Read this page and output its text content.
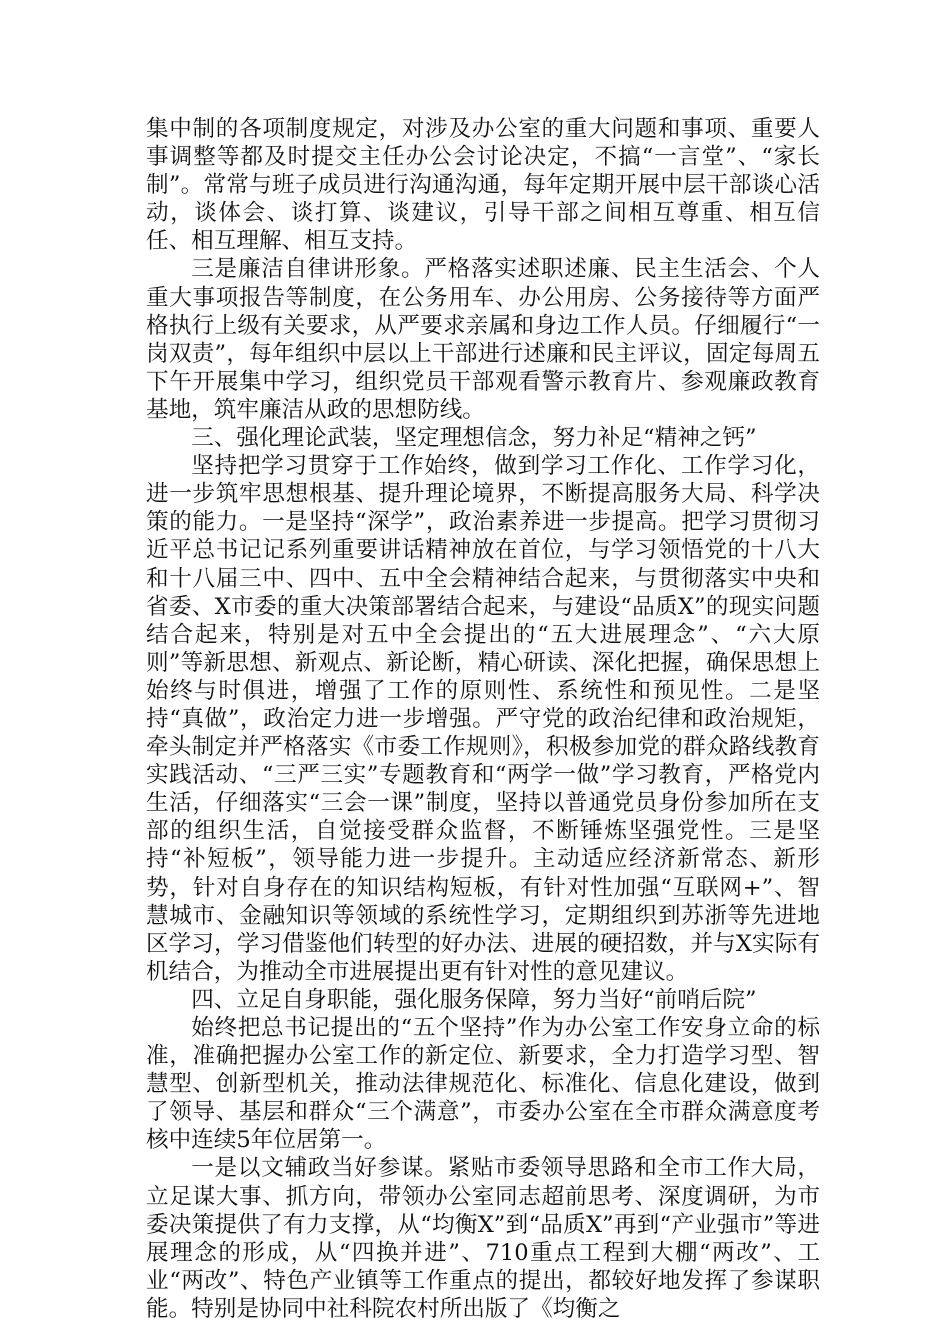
集中制的各项制度规定，对涉及办公室的重大问题和事项、重要人事调整等都及时提交主任办公会讨论决定，不搞“一言堂”、“家长制”。常常与班子成员进行沟通沟通，每年定期开展中层干部谈心活动，谈体会、谈打算、谈建议，引导干部之间相互尊重、相互信任、相互理解、相互支持。

三是廉洁自律讲形象。严格落实述职述廉、民主生活会、个人重大事项报告等制度，在公务用车、办公用房、公务接待等方面严格执行上级有关要求，从严要求亲属和身边工作人员。仔细履行“一岗双责”，每年组织中层以上干部进行述廉和民主评议，固定每周五下午开展集中学习，组织党员干部观看警示教育片、参观廉政教育基地，筑牢廉洁从政的思想防线。

三、强化理论武装，坚定理想信念，努力补足“精神之钙”

坚持把学习贯穿于工作始终，做到学习工作化、工作学习化，进一步筑牢思想根基、提升理论境界，不断提高服务大局、科学决策的能力。一是坚持“深学”，政治素养进一步提高。把学习贯彻习近平总书记记系列重要讲话精神放在首位，与学习领悟党的十八大和十八届三中、四中、五中全会精神结合起来，与贯彻落实中央和省委、X市委的重大决策部署结合起来，与建设“品质X”的现实问题结合起来，特别是对五中全会提出的“五大进展理念”、“六大原则”等新思想、新观点、新论断，精心研读、深化把握，确保思想上始终与时俱进，增强了工作的原则性、系统性和预见性。二是坚持“真做”，政治定力进一步增强。严守党的政治纪律和政治规矩，牵头制定并严格落实《市委工作规则》，积极参加党的群众路线教育实践活动、“三严三实”专题教育和“两学一做”学习教育，严格党内生活，仔细落实“三会一课”制度，坚持以普通党员身份参加所在支部的组织生活，自觉接受群众监督，不断锤炼坚强党性。三是坚持“补短板”，领导能力进一步提升。主动适应经济新常态、新形势，针对自身存在的知识结构短板，有针对性加强“互联网+”、智慧城市、金融知识等领域的系统性学习，定期组织到苏浙等先进地区学习，学习借鉴他们转型的好办法、进展的硬招数，并与X实际有机结合，为推动全市进展提出更有针对性的意见建议。

四、立足自身职能，强化服务保障，努力当好“前哨后院”

始终把总书记提出的“五个坚持”作为办公室工作安身立命的标准，准确把握办公室工作的新定位、新要求，全力打造学习型、智慧型、创新型机关，推动法律规范化、标准化、信息化建设，做到了领导、基层和群众“三个满意”，市委办公室在全市群众满意度考核中连续5年位居第一。

一是以文辅政当好参谋。紧贴市委领导思路和全市工作大局，立足谋大事、抓方向，带领办公室同志超前思考、深度调研，为市委决策提供了有力支撑，从“均衡X”到“品质X”再到“产业强市”等进展理念的形成，从“四换并进”、710重点工程到大棚“两改”、工业“两改”、特色产业镇等工作重点的提出，都较好地发挥了参谋职能。特别是协同中社科院农村所出版了《均衡之
